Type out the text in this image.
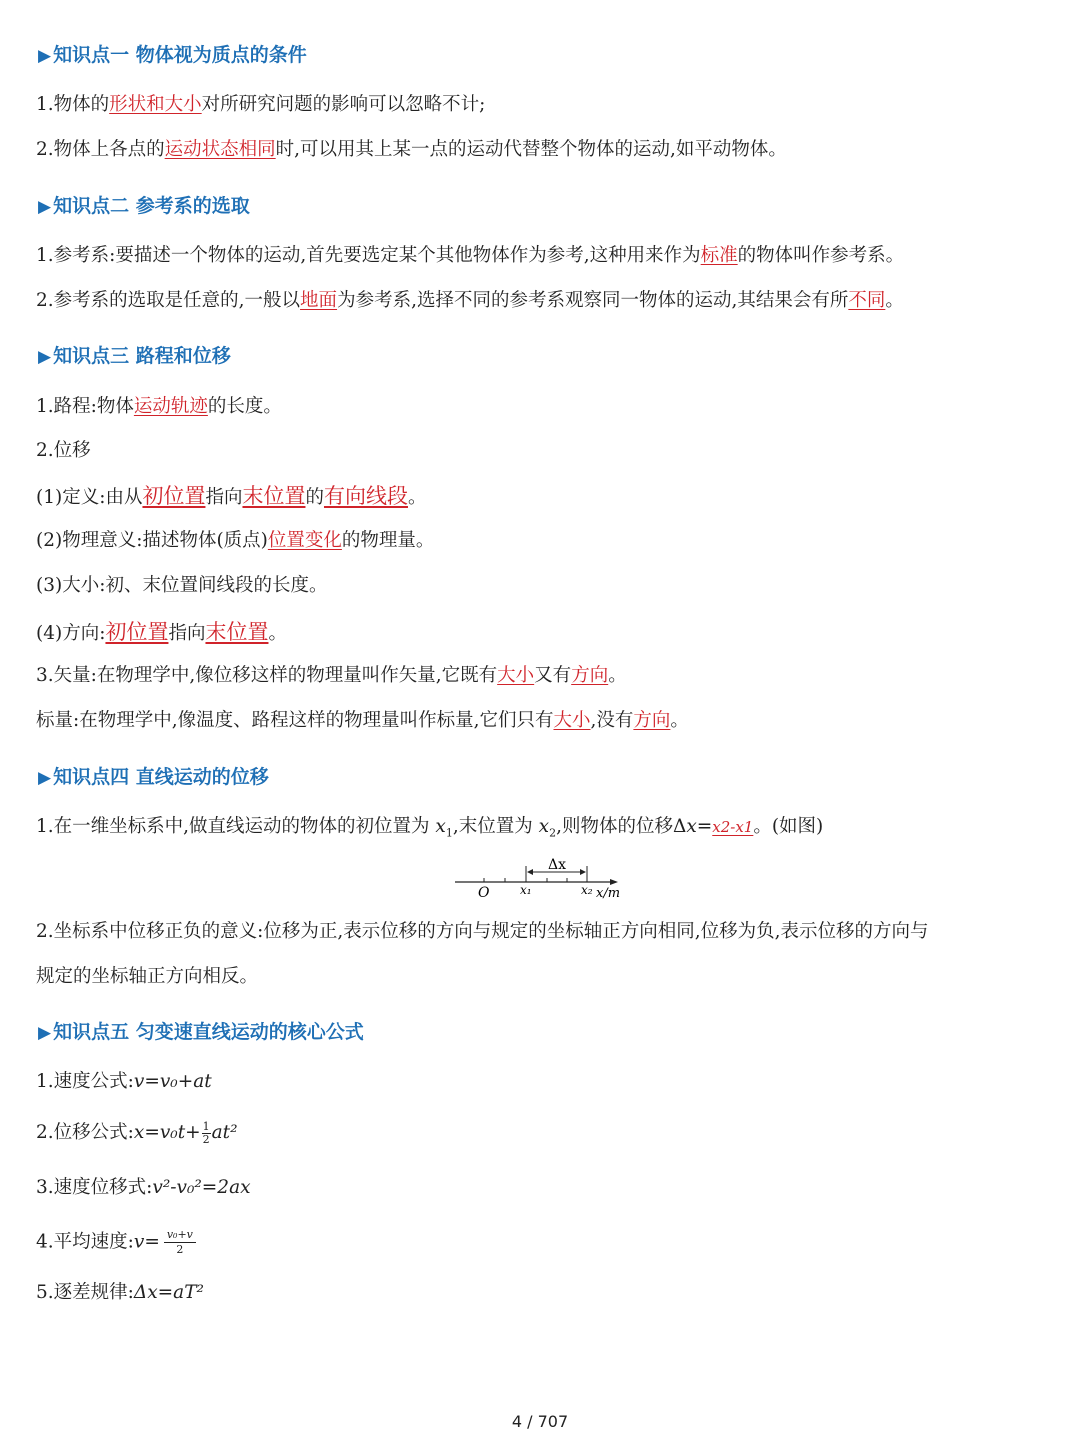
▶ 知识点一 物体视为质点的条件
1.物体的形状和大小对所研究问题的影响可以忽略不计;
2.物体上各点的运动状态相同时,可以用其上某一点的运动代替整个物体的运动,如平动物体。
▶ 知识点二 参考系的选取
1.参考系:要描述一个物体的运动,首先要选定某个其他物体作为参考,这种用来作为标准的物体叫作参考系。
2.参考系的选取是任意的,一般以地面为参考系,选择不同的参考系观察同一物体的运动,其结果会有所不同。
▶ 知识点三 路程和位移
1.路程:物体运动轨迹的长度。
2.位移
(1)定义:由从初位置指向末位置的有向线段。
(2)物理意义:描述物体(质点)位置变化的物理量。
(3)大小:初、末位置间线段的长度。
(4)方向:初位置指向末位置。
3.矢量:在物理学中,像位移这样的物理量叫作矢量,它既有大小又有方向。
标量:在物理学中,像温度、路程这样的物理量叫作标量,它们只有大小,没有方向。
▶ 知识点四 直线运动的位移
1.在一维坐标系中,做直线运动的物体的初位置为 $x_1$,末位置为 $x_2$,则物体的位移Δx=x2-x1。(如图)
Δx
O	x₁	x₂ x/m
2.坐标系中位移正负的意义:位移为正,表示位移的方向与规定的坐标轴正方向相同,位移为负,表示位移的方向与
规定的坐标轴正方向相反。
▶ 知识点五 匀变速直线运动的核心公式
1.速度公式:v=v₀+at
2.位移公式:x=v₀t+ $\frac{1}{2} at^2$
3.速度位移式:v²-v₀²=2ax
4.平均速度:v= $\frac{\text{v₀+v}}{2}$
5.逐差规律:Δx=aT²
4 / 707
